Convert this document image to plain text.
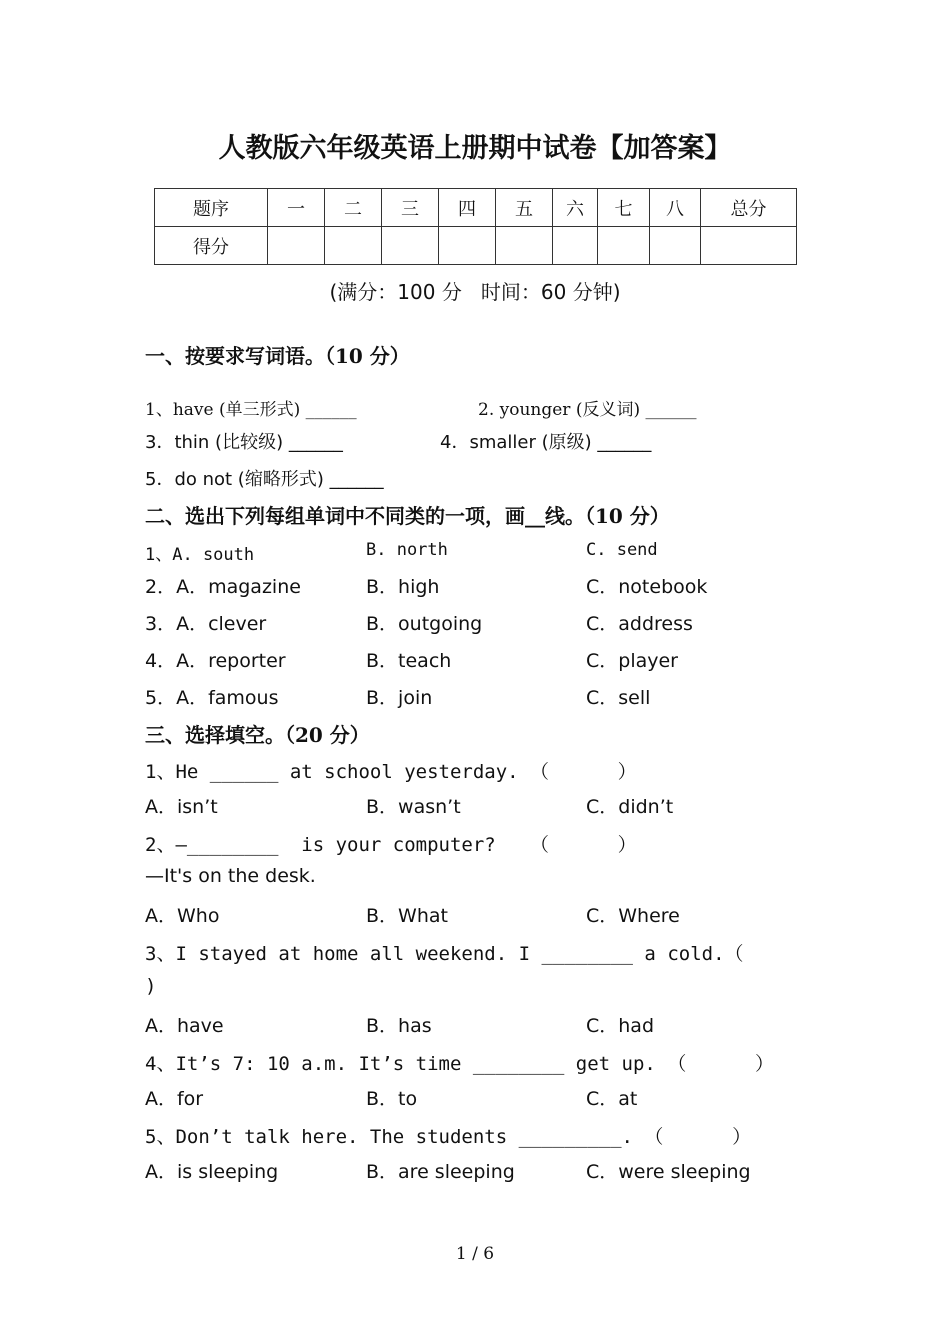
人教版六年级英语上册期中试卷【加答案】
题序	一	二	三	四	五	六	七	八	总分
得分									
(满分：100 分   时间：60 分钟)
一、按要求写词语。（10 分）
1、have (单三形式) ______	2. younger (反义词) ______
3．thin (比较级) ______	4．smaller (原级) ______
5．do not (缩略形式) ______
二、选出下列每组单词中不同类的一项，画__线。（10 分）
1、A. south	B. north	C. send
2．A．magazine	B．high	C．notebook
3．A．clever	B．outgoing	C．address
4．A．reporter	B．teach	C．player
5．A．famous	B．join	C．sell
三、选择填空。（20 分）
1、He ______ at school yesterday. （      ）
A．isn’t	B．wasn’t	C．didn’t
2、—________  is your computer?   （      ）
—It's on the desk.
A．Who	B．What	C．Where
3、I stayed at home all weekend. I ________ a cold.（
)
A．have	B．has	C．had
4、It’s 7: 10 a.m. It’s time ________ get up. （      ）
A．for	B．to	C．at
5、Don’t talk here. The students _________. （      ）
A．is sleeping	B．are sleeping	C．were sleeping
1 / 6
